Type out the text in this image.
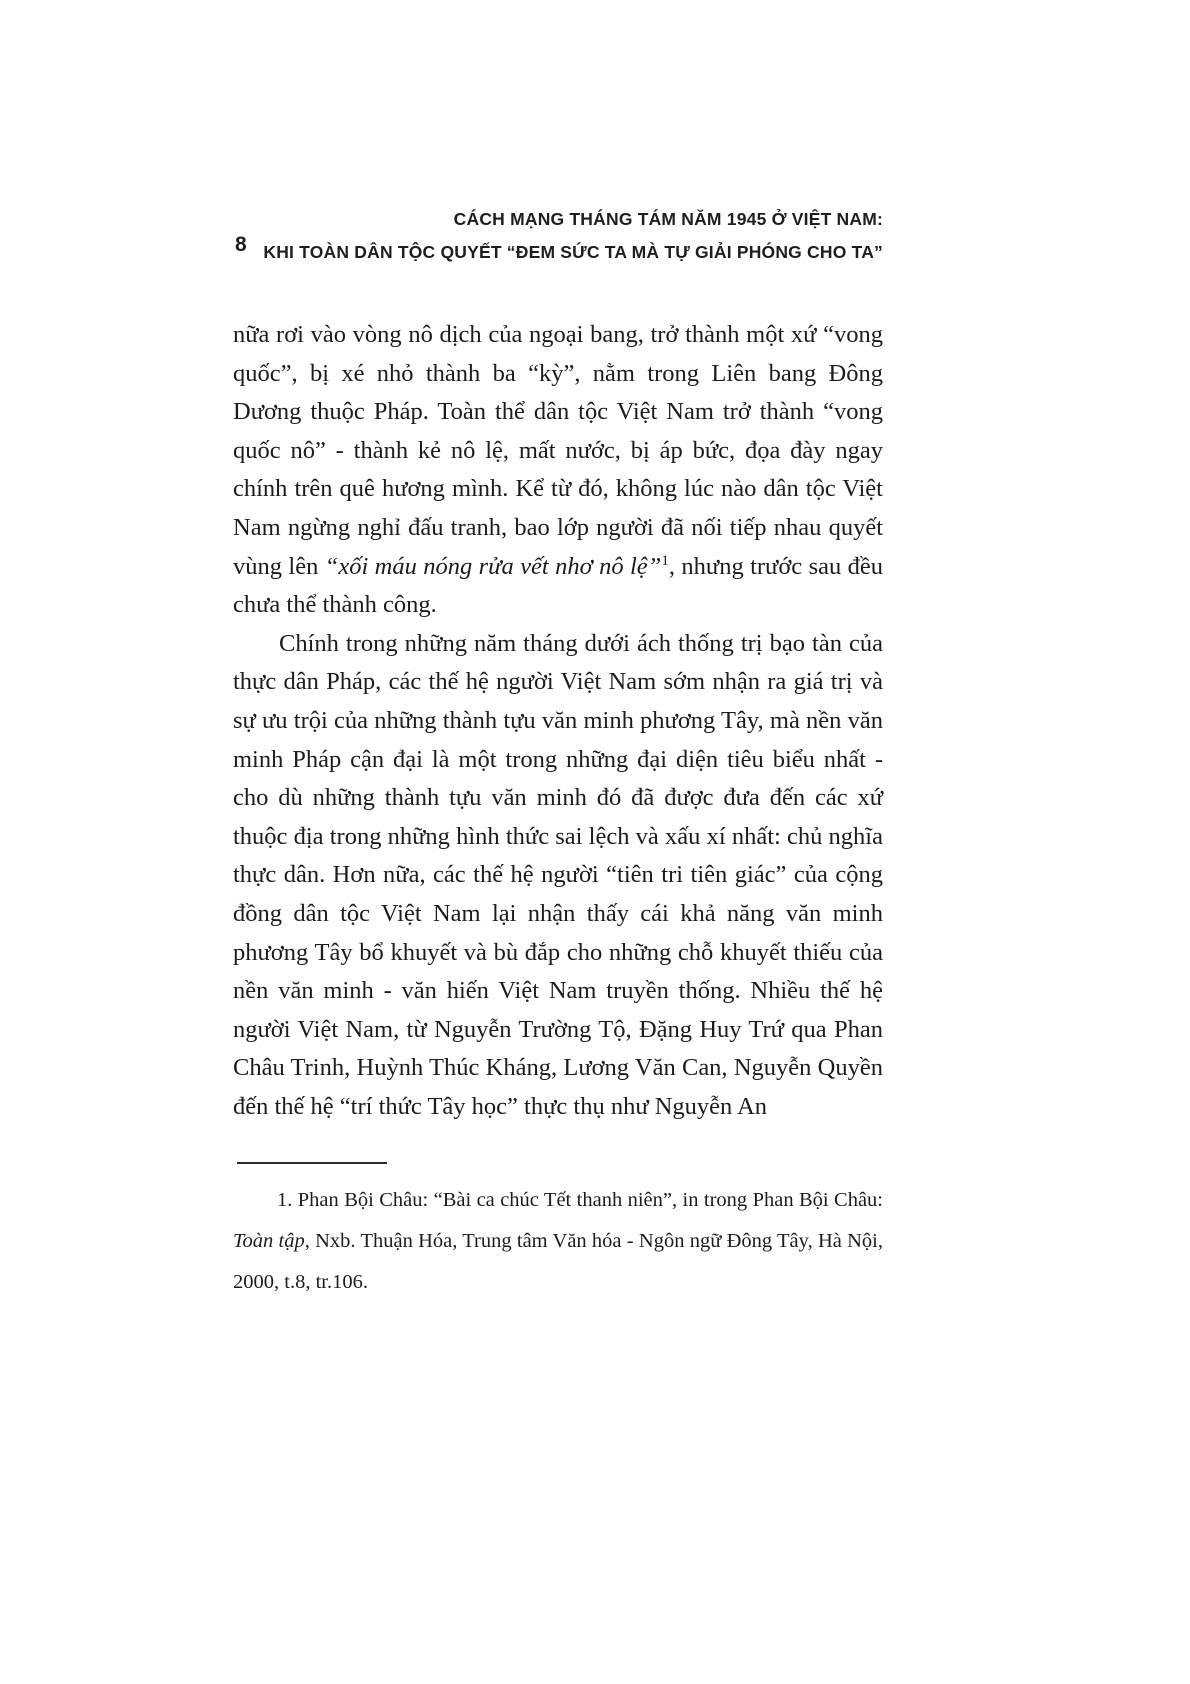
8
CÁCH MẠNG THÁNG TÁM NĂM 1945 Ở VIỆT NAM:
KHI TOÀN DÂN TỘC QUYẾT “ĐEM SỨC TA MÀ TỰ GIẢI PHÓNG CHO TA”

nữa rơi vào vòng nô dịch của ngoại bang, trở thành một xứ “vong quốc”, bị xé nhỏ thành ba “kỳ”, nằm trong Liên bang Đông Dương thuộc Pháp. Toàn thể dân tộc Việt Nam trở thành “vong quốc nô” - thành kẻ nô lệ, mất nước, bị áp bức, đọa đày ngay chính trên quê hương mình. Kể từ đó, không lúc nào dân tộc Việt Nam ngừng nghỉ đấu tranh, bao lớp người đã nối tiếp nhau quyết vùng lên “xối máu nóng rửa vết nhơ nô lệ”$^1$, nhưng trước sau đều chưa thể thành công.

Chính trong những năm tháng dưới ách thống trị bạo tàn của thực dân Pháp, các thế hệ người Việt Nam sớm nhận ra giá trị và sự ưu trội của những thành tựu văn minh phương Tây, mà nền văn minh Pháp cận đại là một trong những đại diện tiêu biểu nhất - cho dù những thành tựu văn minh đó đã được đưa đến các xứ thuộc địa trong những hình thức sai lệch và xấu xí nhất: chủ nghĩa thực dân. Hơn nữa, các thế hệ người “tiên tri tiên giác” của cộng đồng dân tộc Việt Nam lại nhận thấy cái khả năng văn minh phương Tây bổ khuyết và bù đắp cho những chỗ khuyết thiếu của nền văn minh - văn hiến Việt Nam truyền thống. Nhiều thế hệ người Việt Nam, từ Nguyễn Trường Tộ, Đặng Huy Trứ qua Phan Châu Trinh, Huỳnh Thúc Kháng, Lương Văn Can, Nguyễn Quyền đến thế hệ “trí thức Tây học” thực thụ như Nguyễn An

1. Phan Bội Châu: “Bài ca chúc Tết thanh niên”, in trong Phan Bội Châu: Toàn tập, Nxb. Thuận Hóa, Trung tâm Văn hóa - Ngôn ngữ Đông Tây, Hà Nội, 2000, t.8, tr.106.
